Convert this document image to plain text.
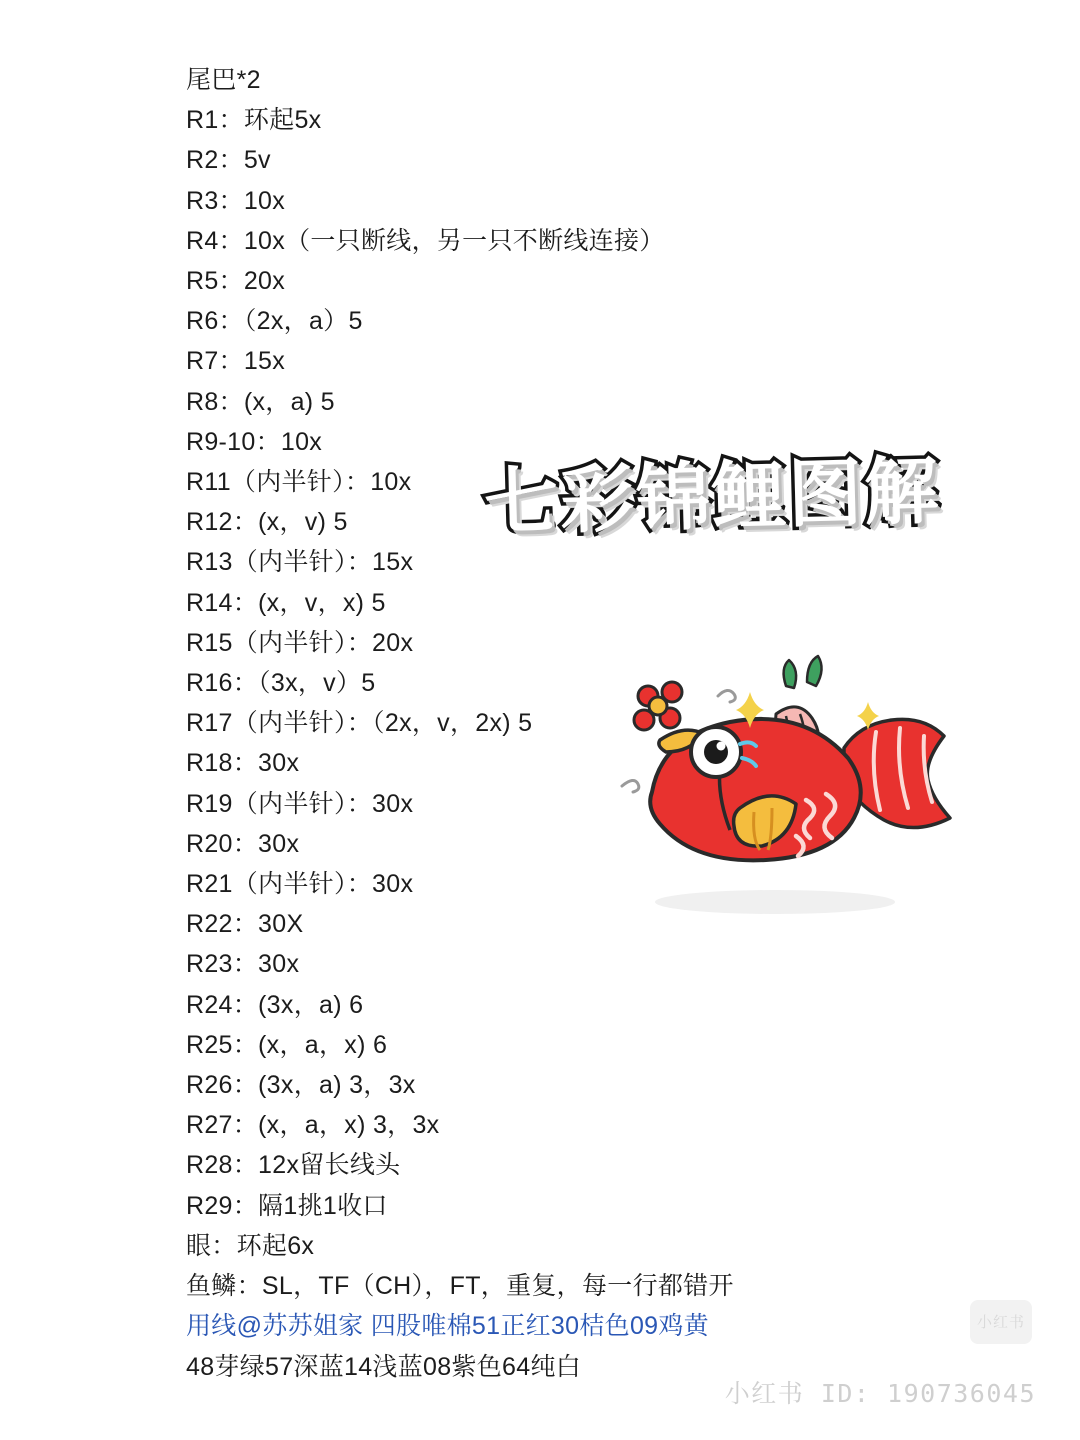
尾巴*2
R1：环起5x
R2：5v
R3：10x
R4：10x（一只断线，另一只不断线连接）
R5：20x
R6：（2x，a）5
R7：15x
R8：(x，a) 5
R9-10：10x
R11（内半针）：10x
R12：(x，v) 5
R13（内半针）：15x
R14：(x，v，x) 5
R15（内半针）：20x
R16：（3x，v）5
R17（内半针）：（2x，v，2x) 5
R18：30x
R19（内半针）：30x
R20：30x
R21（内半针）：30x
R22：30X
R23：30x
R24：(3x，a) 6
R25：(x，a，x) 6
R26：(3x，a) 3，3x
R27：(x，a，x) 3，3x
R28：12x留长线头
R29：隔1挑1收口
眼：环起6x
鱼鳞：SL，TF（CH），FT，重复，每一行都错开
用线@苏苏姐家 四股唯棉51正红30桔色09鸡黄
48芽绿57深蓝14浅蓝08紫色64纯白
七彩锦鲤图解
小红书
小红书 ID: 190736045
